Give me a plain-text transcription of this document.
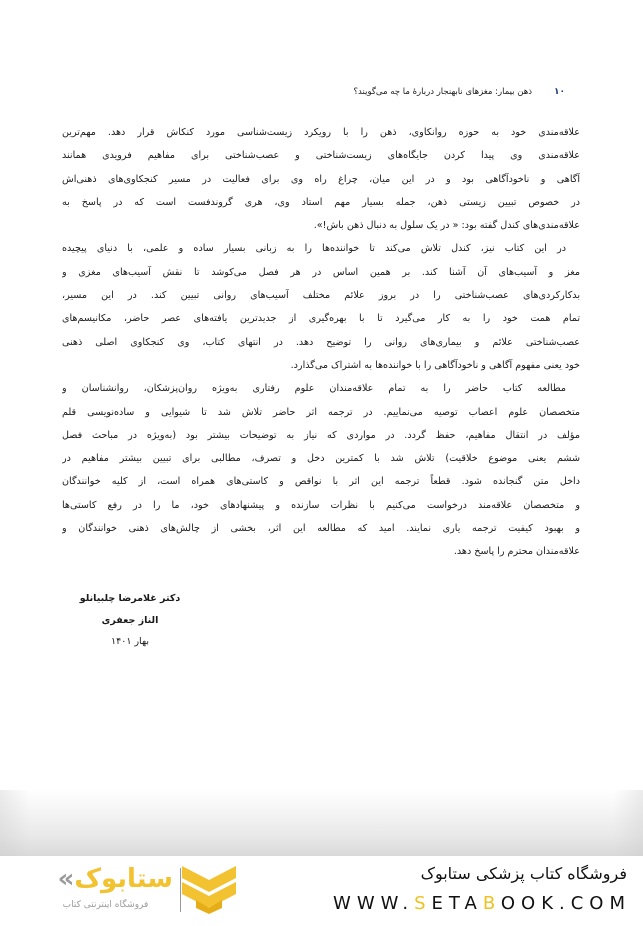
۱۰
ذهن بیمار: مغزهای نابهنجار دربارهٔ ما چه می‌گویند؟
علاقه‌مندی خود به حوزه روانکاوی، ذهن را با رویکرد زیست‌شناسی مورد کنکاش قرار دهد. مهم‌ترین
علاقه‌مندی وی پیدا کردن جایگاه‌های زیست‌شناختی و عصب‌شناختی برای مفاهیم فرویدی همانند
آگاهی و ناخودآگاهی بود و در این میان، چراغ راه وی برای فعالیت در مسیر کنجکاوی‌های ذهنی‌اش
در خصوص تبیین زیستی ذهن، جمله بسیار مهم استاد وی، هری گروندفست است که در پاسخ به
علاقه‌مندی‌های کندل گفته بود: « در یک سلول به دنبال ذهن باش!».
در این کتاب نیز، کندل تلاش می‌کند تا خواننده‌ها را به زبانی بسیار ساده و علمی، با دنیای پیچیده
مغز و آسیب‌های آن آشنا کند. بر همین اساس در هر فصل می‌کوشد تا نقش آسیب‌های مغزی و
بدکارکردی‌های عصب‌شناختی را در بروز علائم مختلف آسیب‌های روانی تبیین کند. در این مسیر،
تمام همت خود را به کار می‌گیرد تا با بهره‌گیری از جدیدترین یافته‌های عصر حاضر، مکانیسم‌های
عصب‌شناختی علائم و بیماری‌های روانی را توضیح دهد. در انتهای کتاب، وی کنجکاوی اصلی ذهنی
خود یعنی مفهوم آگاهی و ناخودآگاهی را با خواننده‌ها به اشتراک می‌گذارد.
مطالعه کتاب حاضر را به تمام علاقه‌مندان علوم رفتاری به‌ویژه روان‌پزشکان، روانشناسان و
متخصصان علوم اعصاب توصیه می‌نماییم. در ترجمه اثر حاضر تلاش شد تا شیوایی و ساده‌نویسی قلم
مؤلف در انتقال مفاهیم، حفظ گردد. در مواردی که نیاز به توضیحات بیشتر بود (به‌ویژه در مباحث فصل
ششم یعنی موضوع خلاقیت) تلاش شد با کمترین دخل و تصرف، مطالبی برای تبیین بیشتر مفاهیم در
داخل متن گنجانده شود. قطعاً ترجمه این اثر با نواقص و کاستی‌های همراه است، از کلیه خوانندگان
و متخصصان علاقه‌مند درخواست می‌کنیم با نظرات سازنده و پیشنهادهای خود، ما را در رفع کاستی‌ها
و بهبود کیفیت ترجمه یاری نمایند. امید که مطالعه این اثر، بخشی از چالش‌های ذهنی خوانندگان و
علاقه‌مندان محترم را پاسخ دهد.
دکتر غلامرضا چلبیانلو
الناز جعفری
بهار ۱۴۰۱
«ستابوک
فروشگاه اینترنتی کتاب
فروشگاه کتاب پزشکی ستابوک
WWW.SETABOOK.COM
